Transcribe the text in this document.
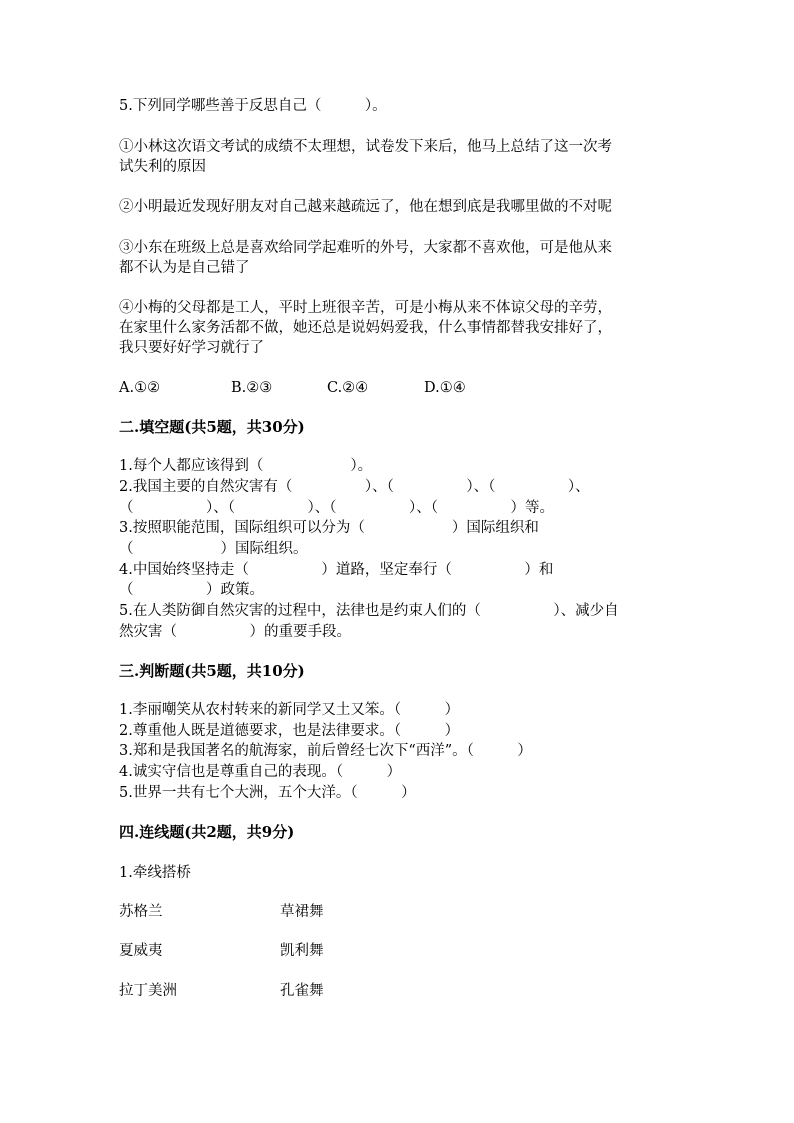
5.下列同学哪些善于反思自己（　　　）。
①小林这次语文考试的成绩不太理想，试卷发下来后，他马上总结了这一次考
试失利的原因
②小明最近发现好朋友对自己越来越疏远了，他在想到底是我哪里做的不对呢
③小东在班级上总是喜欢给同学起难听的外号，大家都不喜欢他，可是他从来
都不认为是自己错了
④小梅的父母都是工人，平时上班很辛苦，可是小梅从来不体谅父母的辛劳，
在家里什么家务活都不做，她还总是说妈妈爱我，什么事情都替我安排好了，
我只要好好学习就行了
A.①②	B.②③	C.②④	D.①④
二.填空题(共5题，共30分)
1.每个人都应该得到（　　　　　　）。
2.我国主要的自然灾害有（　　　　　）、（　　　　　）、（　　　　　）、
（　　　　　）、（　　　　　）、（　　　　　）、（　　　　　）等。
3.按照职能范围，国际组织可以分为（　　　　　　）国际组织和
（　　　　　　）国际组织。
4.中国始终坚持走（　　　　　）道路，坚定奉行（　　　　　）和
（　　　　　）政策。
5.在人类防御自然灾害的过程中，法律也是约束人们的（　　　　　）、减少自
然灾害（　　　　　）的重要手段。
三.判断题(共5题，共10分)
1.李丽嘲笑从农村转来的新同学又土又笨。（　　　）
2.尊重他人既是道德要求，也是法律要求。（　　　）
3.郑和是我国著名的航海家，前后曾经七次下“西洋”。（　　　）
4.诚实守信也是尊重自己的表现。（　　　）
5.世界一共有七个大洲，五个大洋。（　　　）
四.连线题(共2题，共9分)
1.牵线搭桥
苏格兰	草裙舞
夏威夷	凯利舞
拉丁美洲	孔雀舞
